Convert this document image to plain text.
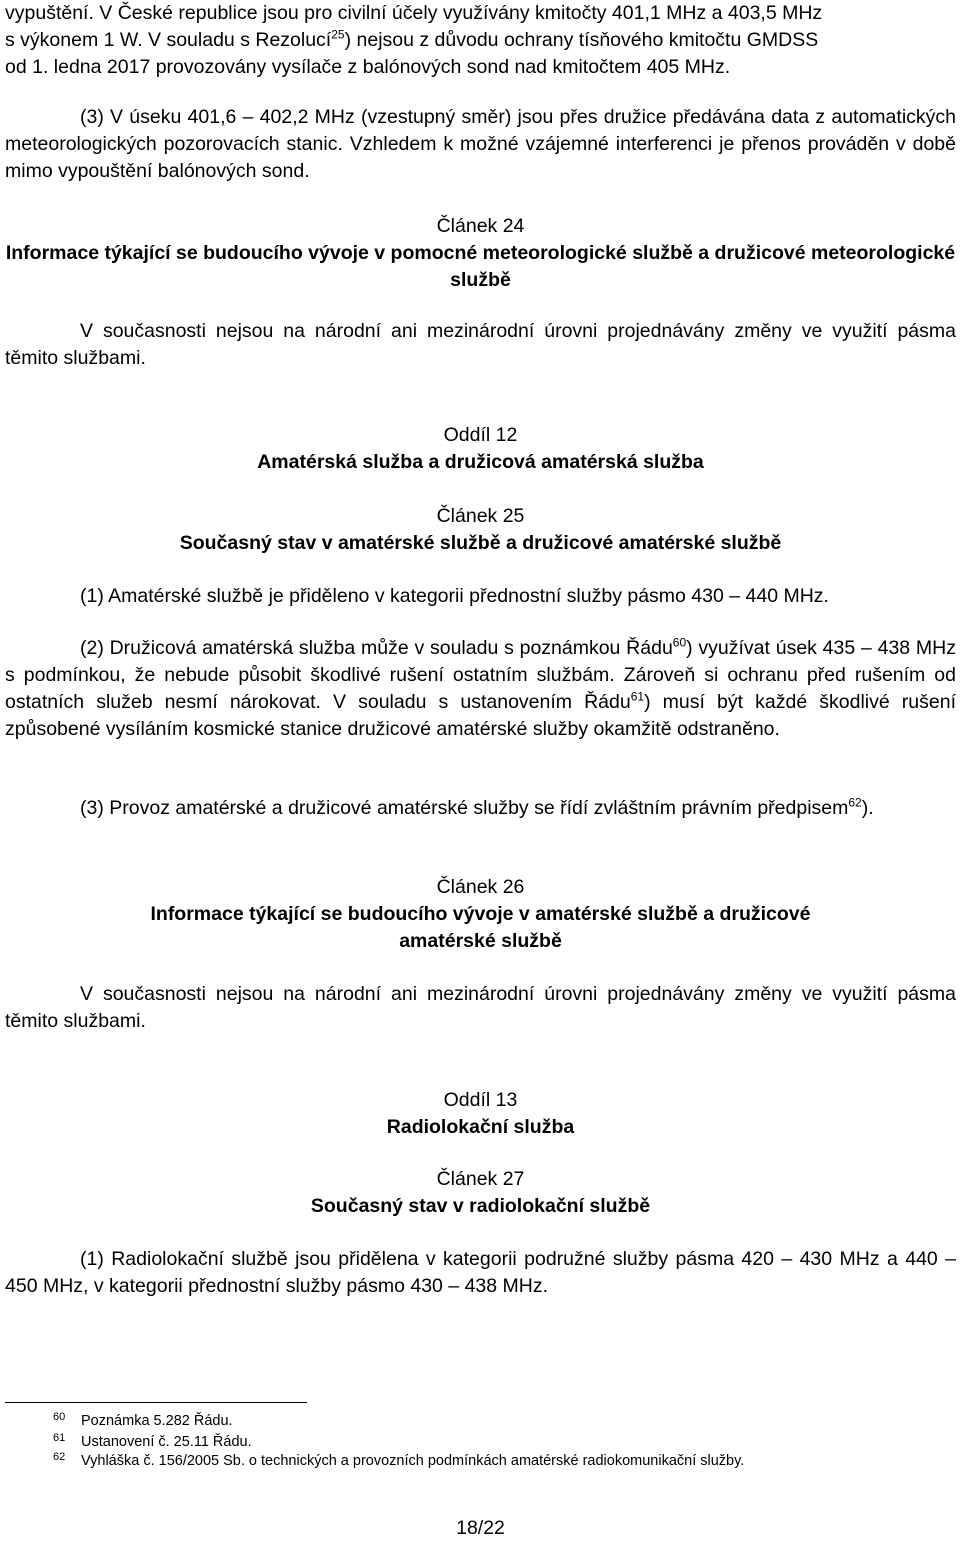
vypuštění. V České republice jsou pro civilní účely využívány kmitočty 401,1 MHz a 403,5 MHz

s výkonem 1 W. V souladu s Rezolucí$^{25}$) nejsou z důvodu ochrany tísňového kmitočtu GMDSS

od 1. ledna 2017 provozovány vysílače z balónových sond nad kmitočtem 405 MHz.

(3) V úseku 401,6 ‒ 402,2 MHz (vzestupný směr) jsou přes družice předávána data z automatických meteorologických pozorovacích stanic. Vzhledem k možné vzájemné interferenci je přenos prováděn v době mimo vypouštění balónových sond.

Článek 24

Informace týkající se budoucího vývoje v pomocné meteorologické službě a družicové meteorologické službě

V současnosti nejsou na národní ani mezinárodní úrovni projednávány změny ve využití pásma těmito službami.

Oddíl 12

Amatérská služba a družicová amatérská služba

Článek 25

Současný stav v amatérské službě a družicové amatérské službě

(1) Amatérské službě je přiděleno v kategorii přednostní služby pásmo 430 ‒ 440 MHz.

(2) Družicová amatérská služba může v souladu s poznámkou Řádu$^{60}$) využívat úsek 435 ‒ 438 MHz s podmínkou, že nebude působit škodlivé rušení ostatním službám. Zároveň si ochranu před rušením od ostatních služeb nesmí nárokovat. V souladu s ustanovením Řádu$^{61}$) musí být každé škodlivé rušení způsobené vysíláním kosmické stanice družicové amatérské služby okamžitě odstraněno.

(3) Provoz amatérské a družicové amatérské služby se řídí zvláštním právním předpisem$^{62}$).

Článek 26

Informace týkající se budoucího vývoje v amatérské službě a družicové amatérské službě

V současnosti nejsou na národní ani mezinárodní úrovni projednávány změny ve využití pásma těmito službami.

Oddíl 13

Radiolokační služba

Článek 27

Současný stav v radiolokační službě

(1) Radiolokační službě jsou přidělena v kategorii podružné služby pásma 420 ‒ 430 MHz a 440 ‒ 450 MHz, v kategorii přednostní služby pásmo 430 ‒ 438 MHz.

60 Poznámka 5.282 Řádu.
61 Ustanovení č. 25.11 Řádu.
62 Vyhláška č. 156/2005 Sb. o technických a provozních podmínkách amatérské radiokomunikační služby.
18/22
